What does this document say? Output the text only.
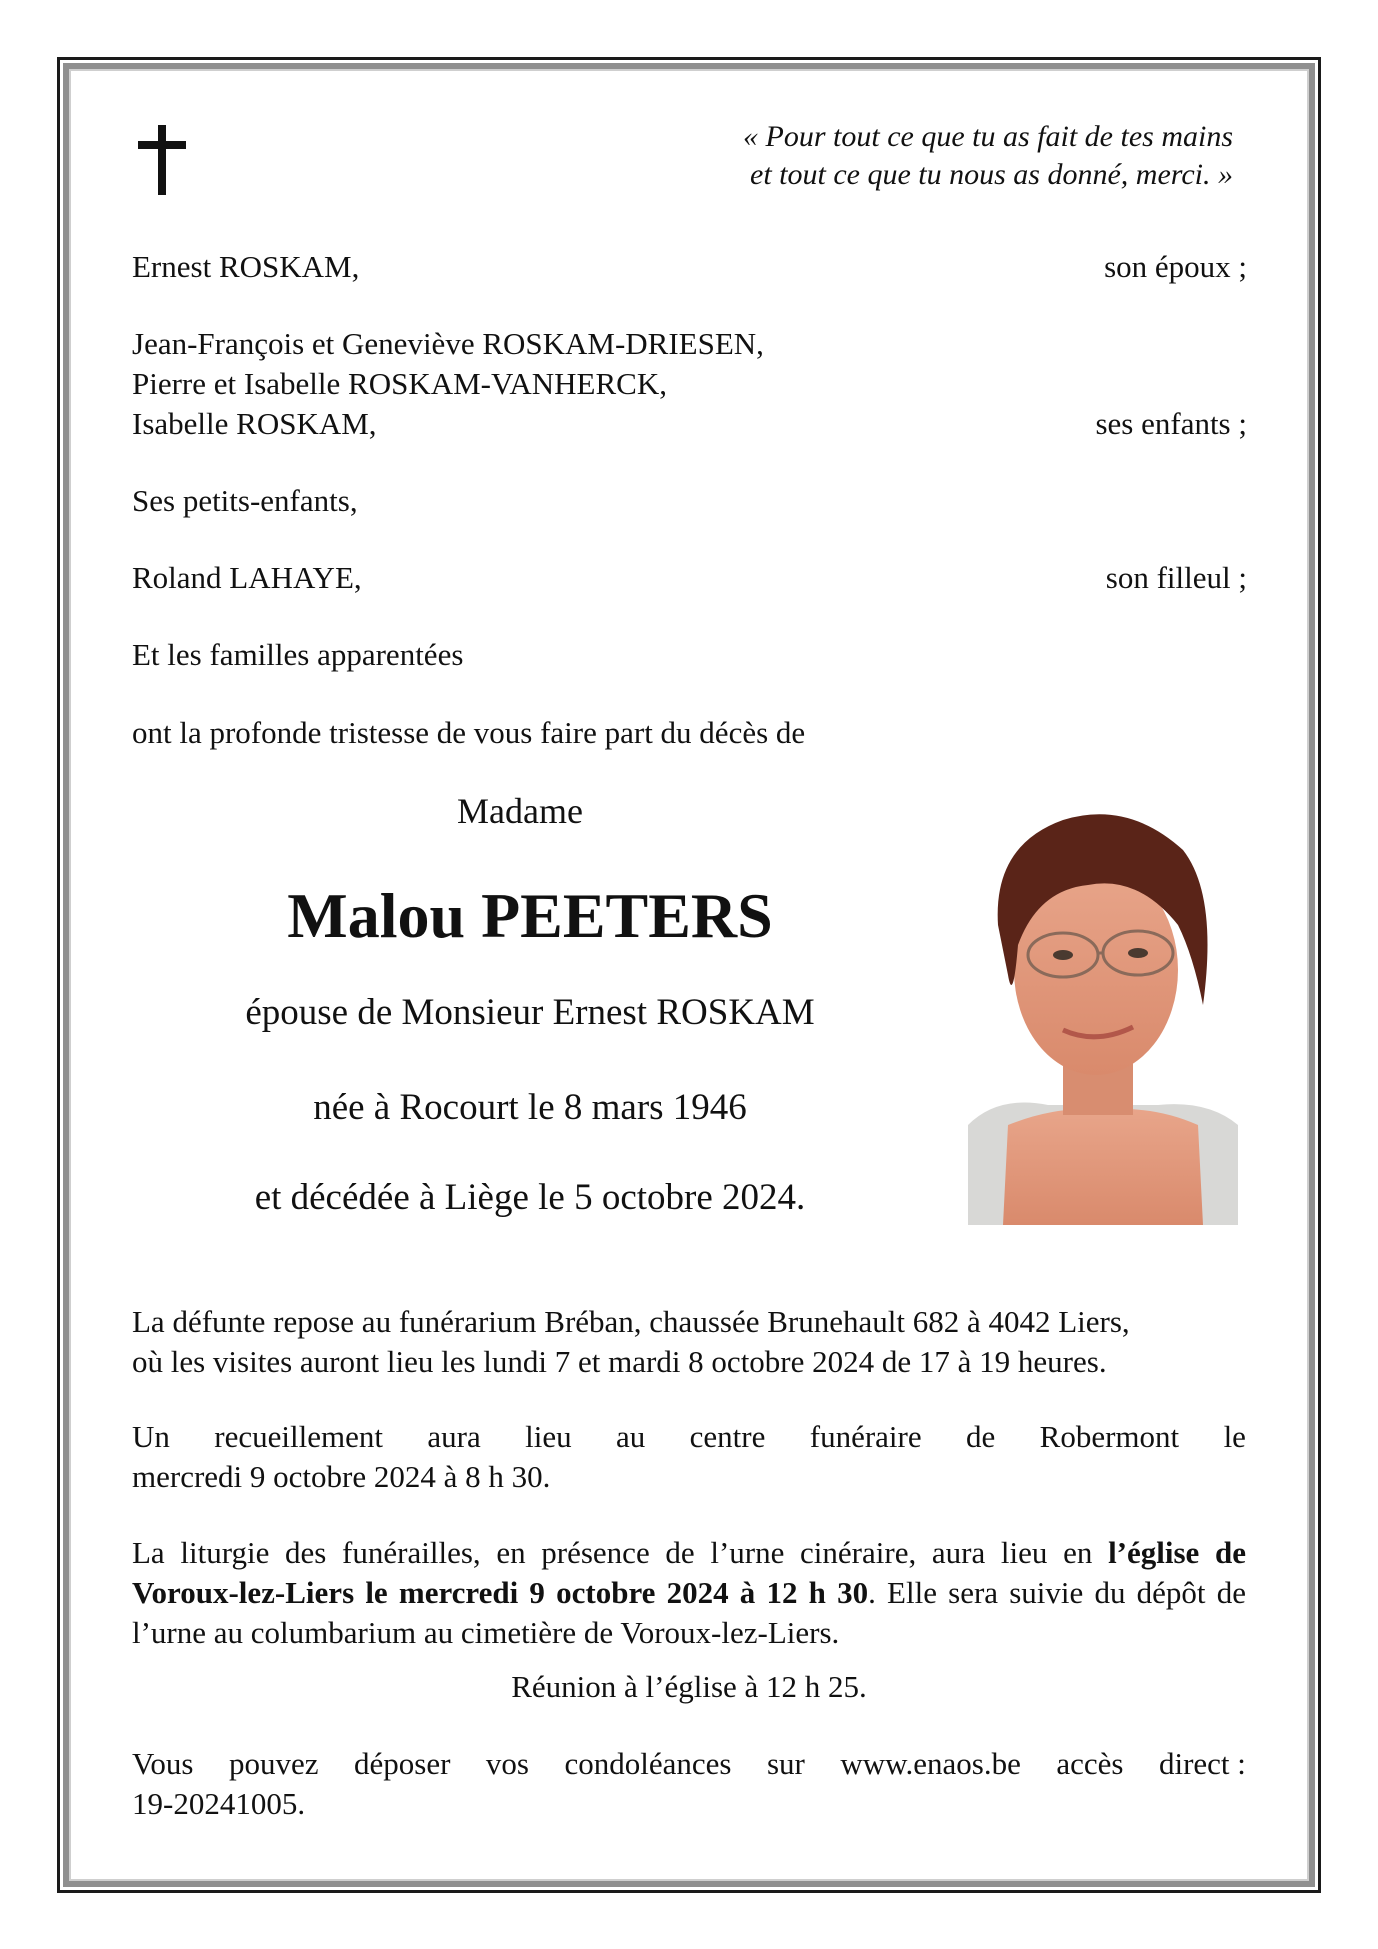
« Pour tout ce que tu as fait de tes mains
et tout ce que tu nous as donné, merci. »
Ernest ROSKAM,	son époux ;
Jean-François et Geneviève ROSKAM-DRIESEN,
Pierre et Isabelle ROSKAM-VANHERCK,
Isabelle ROSKAM,	ses enfants ;
Ses petits-enfants,
Roland LAHAYE,	son filleul ;
Et les familles apparentées
ont la profonde tristesse de vous faire part du décès de
Madame
Malou PEETERS
épouse de Monsieur Ernest ROSKAM
née à Rocourt le 8 mars 1946
et décédée à Liège le 5 octobre 2024.
La défunte repose au funérarium Bréban, chaussée Brunehault 682 à 4042 Liers,
où les visites auront lieu les lundi 7 et mardi 8 octobre 2024 de 17 à 19 heures.
Un recueillement aura lieu au centre funéraire de Robermont le
mercredi 9 octobre 2024 à 8 h 30.
La liturgie des funérailles, en présence de l’urne cinéraire, aura lieu en l’église de Voroux-lez-Liers le mercredi 9 octobre 2024 à 12 h 30. Elle sera suivie du dépôt de l’urne au columbarium au cimetière de Voroux-lez-Liers.
Réunion à l’église à 12 h 25.
Vous pouvez déposer vos condoléances sur www.enaos.be accès direct :
19-20241005.
